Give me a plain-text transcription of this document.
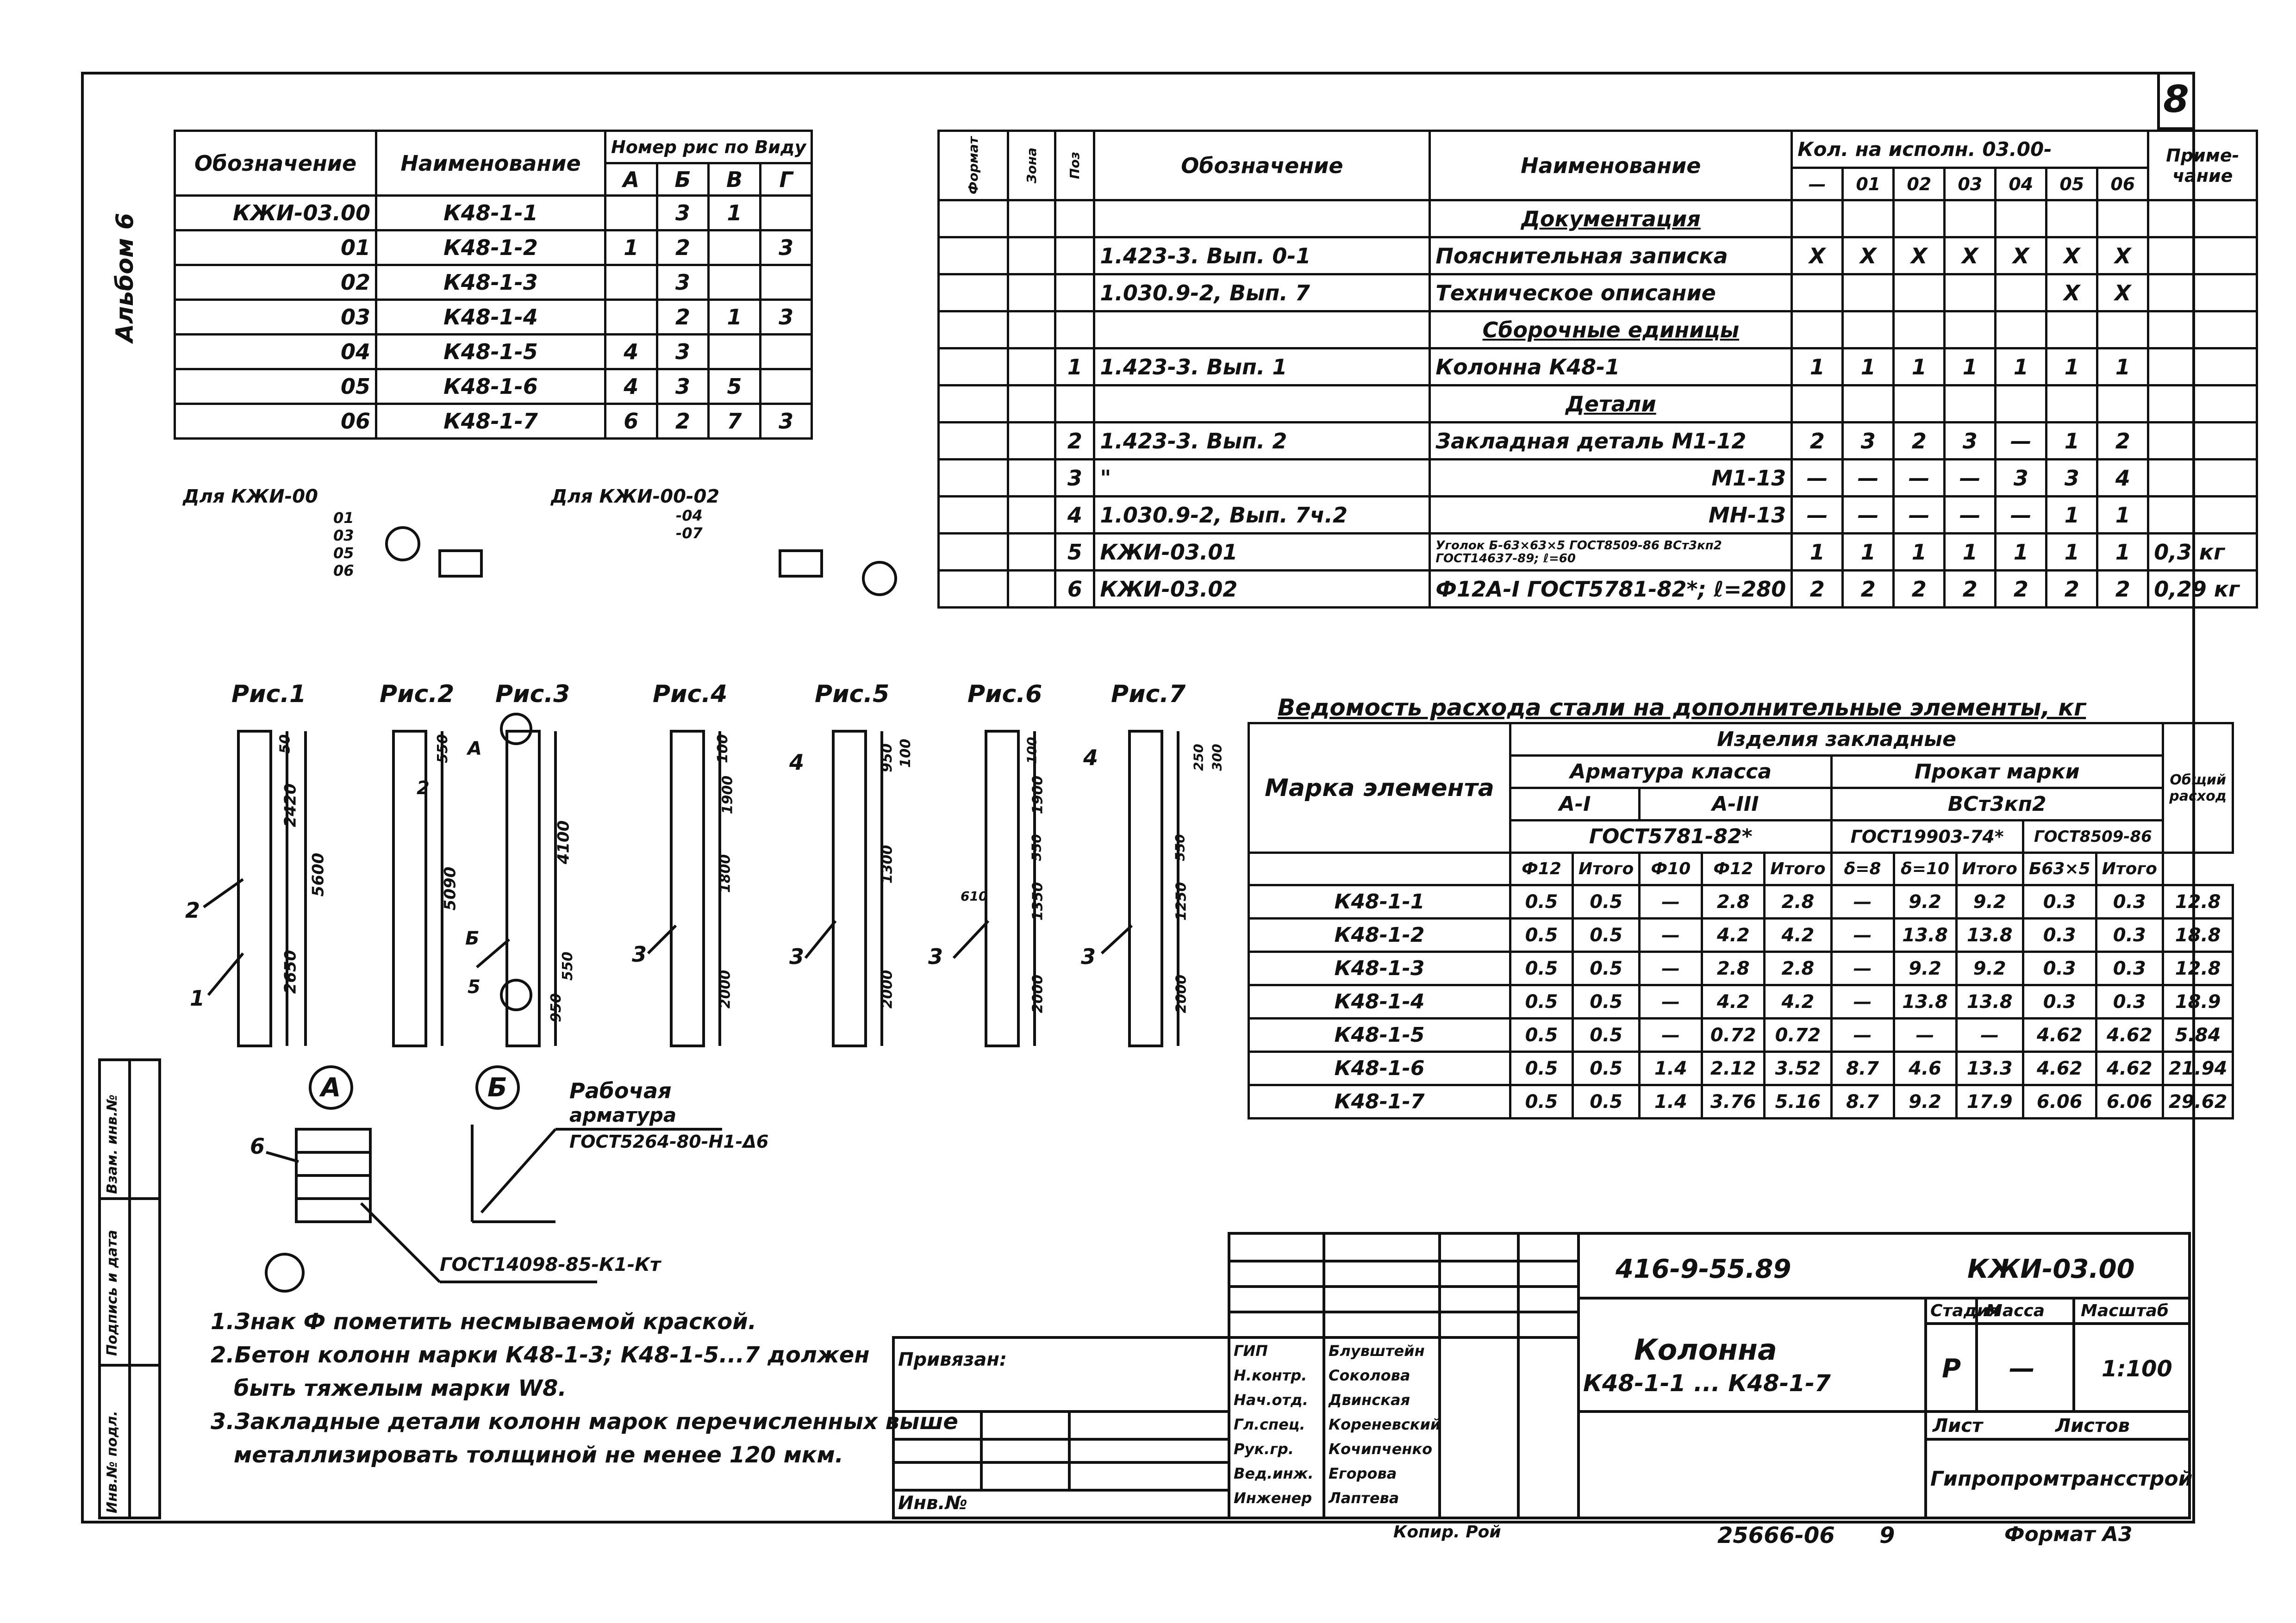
8
Альбом 6
Обозначение	Наименование	Номер рис по Виду			
		А	Б	В	Г
КЖИ-03.00	К48-1-1		3	1	
01	К48-1-2	1	2		3
02	К48-1-3		3		
03	К48-1-4		2	1	3
04	К48-1-5	4	3		
05	К48-1-6	4	3	5	
06	К48-1-7	6	2	7	3
Для КЖИ-00
01 03 05 06
Для КЖИ-00-02
-04 -07
Формат	Зона	Поз	Обозначение	Наименование	Кол. на исполн. 03.00-							Приме- чание
					—	01	02	03	04	05	06	
				Документация								
			1.423-3. Вып. 0-1	Пояснительная записка	X	X	X	X	X	X	X	
			1.030.9-2, Вып. 7	Техническое описание						X	X	
				Сборочные единицы								
		1	1.423-3. Вып. 1	Колонна К48-1	1	1	1	1	1	1	1	
				Детали								
		2	1.423-3. Вып. 2	Закладная деталь М1-12	2	3	2	3	—	1	2	
		3	"	М1-13	—	—	—	—	3	3	4	
		4	1.030.9-2, Вып. 7ч.2	МН-13	—	—	—	—	—	1	1	
		5	КЖИ-03.01	Уголок Б-63×63×5 ГОСТ8509-86 ВСт3кп2 ГОСТ14637-89; ℓ=60	1	1	1	1	1	1	1	0,3 кг
		6	КЖИ-03.02	Ф12А-I ГОСТ5781-82*; ℓ=280	2	2	2	2	2	2	2	0,29 кг
Рис.1	Рис.2 Рис.3	Рис.4	Рис.5	Рис.6	Рис.7
5600
2420
2650
50
2
1
5090
550
2
4100
950
550
А
Б
5
100
1900
1800
2000
3
950 100
1300
2000
4
3
100
1900
550
1350
2000
610
3
300
250
550
1250
2000
4
3
А	Б
6
ГОСТ14098-85-К1-Кт
Рабочая
арматура
ГОСТ5264-80-Н1-Δ6
Ведомость расхода стали на дополнительные элементы, кг
Марка элемента	Изделия закладные										Общий расход
	Арматура класса					Прокат марки					
	А-I		А-III			ВСт3кп2					
	ГОСТ5781-82*					ГОСТ19903-74*			ГОСТ8509-86		
	Ф12	Итого	Ф10	Ф12	Итого	δ=8	δ=10	Итого	Б63×5	Итого	
К48-1-1	0.5	0.5	—	2.8	2.8	—	9.2	9.2	0.3	0.3	12.8
К48-1-2	0.5	0.5	—	4.2	4.2	—	13.8	13.8	0.3	0.3	18.8
К48-1-3	0.5	0.5	—	2.8	2.8	—	9.2	9.2	0.3	0.3	12.8
К48-1-4	0.5	0.5	—	4.2	4.2	—	13.8	13.8	0.3	0.3	18.9
К48-1-5	0.5	0.5	—	0.72	0.72	—	—	—	4.62	4.62	5.84
К48-1-6	0.5	0.5	1.4	2.12	3.52	8.7	4.6	13.3	4.62	4.62	21.94
К48-1-7	0.5	0.5	1.4	3.76	5.16	8.7	9.2	17.9	6.06	6.06	29.62
1.Знак Ф пометить несмываемой краской.
2.Бетон колонн марки К48-1-3; К48-1-5...7 должен
быть тяжелым марки W8.
3.Закладные детали колонн марок перечисленных выше
металлизировать толщиной не менее 120 мкм.
Взам. инв.№
Подпись и дата
Инв.№ подл.
Привязан:
Инв.№
ГИП	Блувштейн
Н.контр. Соколова
Нач.отд. Двинская
Гл.спец. Кореневский
Рук.гр. Кочипченко
Вед.инж. Егорова
Инженер Лаптева
416-9-55.89	КЖИ-03.00
Колонна
К48-1-1 ... К48-1-7
Стадия
Масса Масштаб
Р —	1:100
Лист	Листов
Гипропромтрансстрой
Копир. Рой	25666-06 9	Формат А3
